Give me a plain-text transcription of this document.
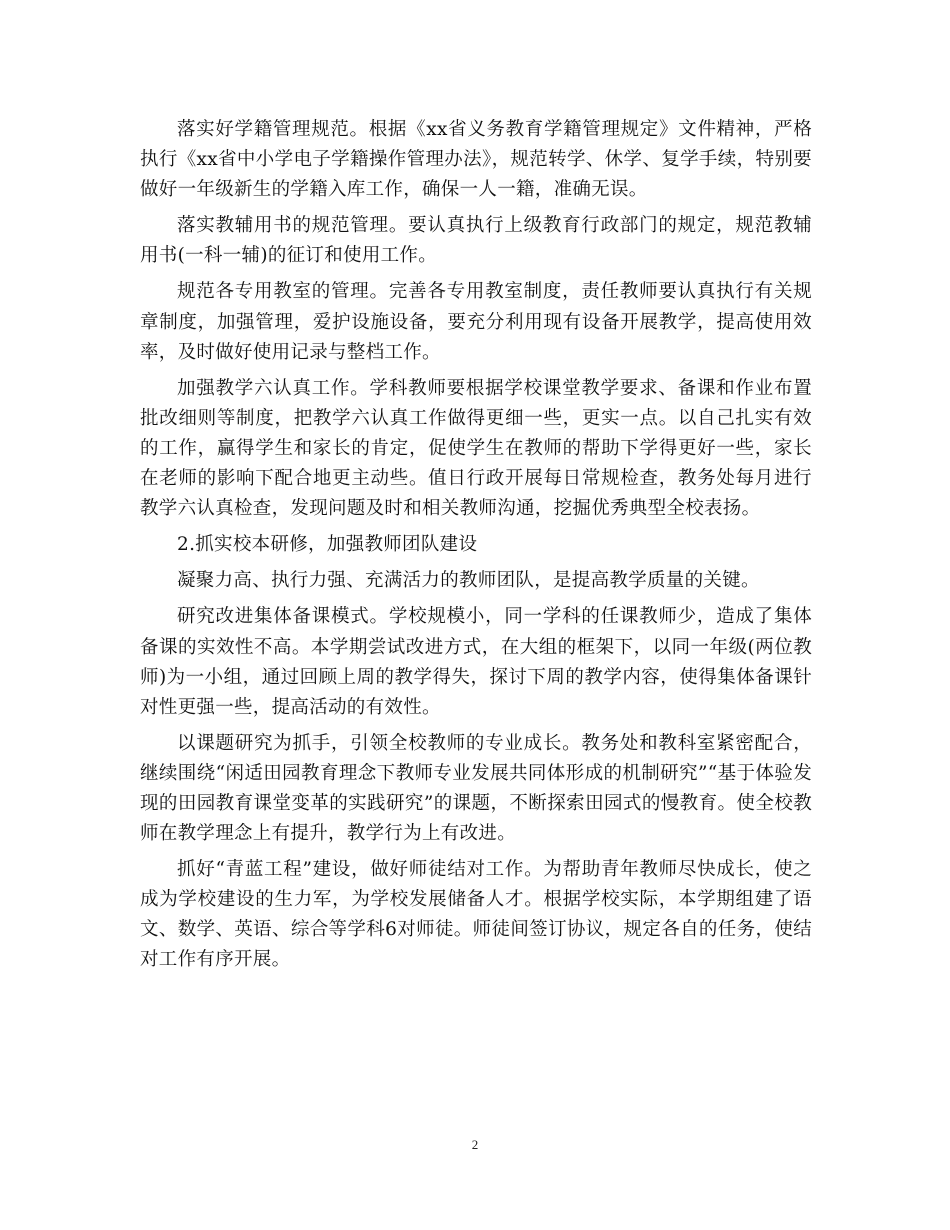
落实好学籍管理规范。根据《xx省义务教育学籍管理规定》文件精神，严格执行《xx省中小学电子学籍操作管理办法》，规范转学、休学、复学手续，特别要做好一年级新生的学籍入库工作，确保一人一籍，准确无误。

落实教辅用书的规范管理。要认真执行上级教育行政部门的规定，规范教辅用书(一科一辅)的征订和使用工作。

规范各专用教室的管理。完善各专用教室制度，责任教师要认真执行有关规章制度，加强管理，爱护设施设备，要充分利用现有设备开展教学，提高使用效率，及时做好使用记录与整档工作。

加强教学六认真工作。学科教师要根据学校课堂教学要求、备课和作业布置批改细则等制度，把教学六认真工作做得更细一些，更实一点。以自己扎实有效的工作，赢得学生和家长的肯定，促使学生在教师的帮助下学得更好一些，家长在老师的影响下配合地更主动些。值日行政开展每日常规检查，教务处每月进行教学六认真检查，发现问题及时和相关教师沟通，挖掘优秀典型全校表扬。

2.抓实校本研修，加强教师团队建设

凝聚力高、执行力强、充满活力的教师团队，是提高教学质量的关键。

研究改进集体备课模式。学校规模小，同一学科的任课教师少，造成了集体备课的实效性不高。本学期尝试改进方式，在大组的框架下，以同一年级(两位教师)为一小组，通过回顾上周的教学得失，探讨下周的教学内容，使得集体备课针对性更强一些，提高活动的有效性。

以课题研究为抓手，引领全校教师的专业成长。教务处和教科室紧密配合，继续围绕“闲适田园教育理念下教师专业发展共同体形成的机制研究”“基于体验发现的田园教育课堂变革的实践研究”的课题，不断探索田园式的慢教育。使全校教师在教学理念上有提升，教学行为上有改进。

抓好“青蓝工程”建设，做好师徒结对工作。为帮助青年教师尽快成长，使之成为学校建设的生力军，为学校发展储备人才。根据学校实际，本学期组建了语文、数学、英语、综合等学科6对师徒。师徒间签订协议，规定各自的任务，使结对工作有序开展。

2
